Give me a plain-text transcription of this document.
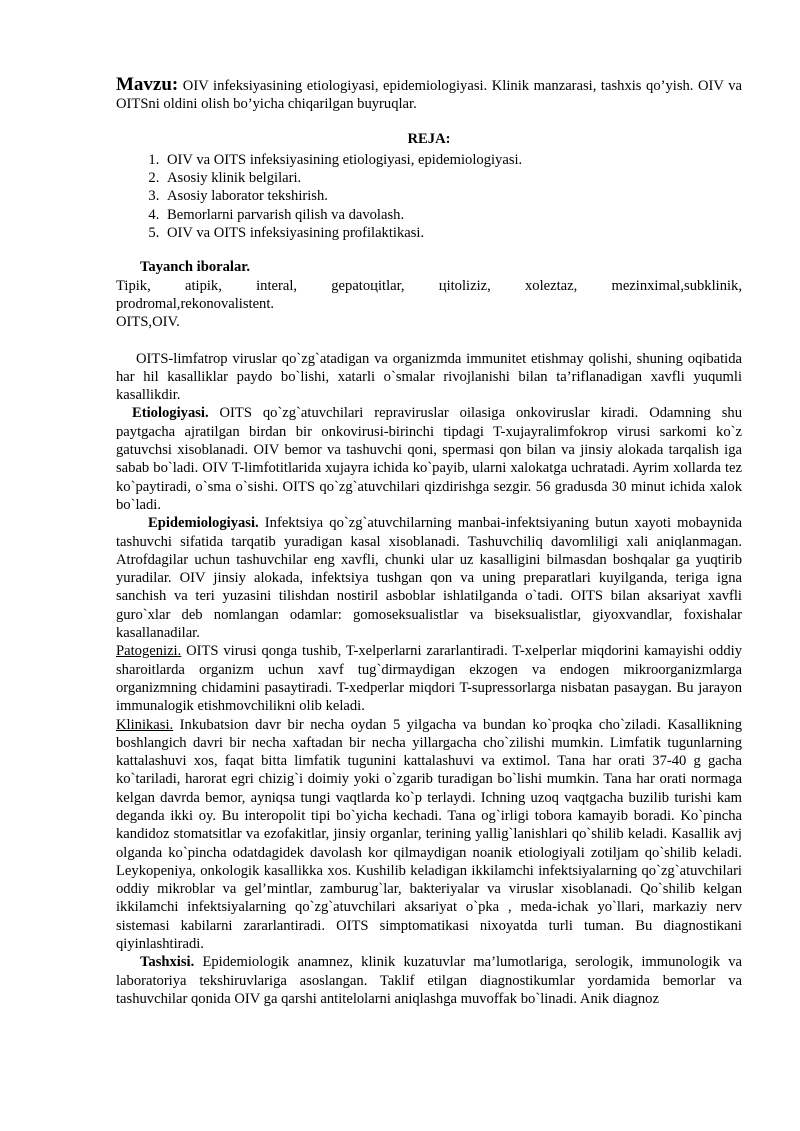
Mavzu: OIV infeksiyasining etiologiyasi, epidemiologiyasi. Klinik manzarasi, tashxis qo’yish. OIV va OITSni oldini olish bo’yicha chiqarilgan buyruqlar.

REJA:
1. OIV va OITS infeksiyasining etiologiyasi, epidemiologiyasi.
2. Asosiy klinik belgilari.
3. Asosiy laborator tekshirish.
4. Bemorlarni parvarish qilish va davolash.
5. OIV va OITS infeksiyasining profilaktikasi.
Tayanch iboralar.

Tipik, atipik, interal, gepatoцitlar, цitoliziz, xoleztaz, mezinximal,subklinik,

prodromal,rekonovalistent.

OITS,OIV.

OITS-limfatrop viruslar qo`zg`atadigan va organizmda immunitet etishmay qolishi, shuning oqibatida har hil kasalliklar paydo bo`lishi, xatarli o`smalar rivojlanishi bilan ta’riflanadigan xavfli yuqumli kasallikdir.

Etiologiyasi. OITS qo`zg`atuvchilari repraviruslar oilasiga onkoviruslar kiradi. Odamning shu paytgacha ajratilgan birdan bir onkovirusi-birinchi tipdagi T-xujayralimfokrop virusi sarkomi ko`z gatuvchsi xisoblanadi. OIV bemor va tashuvchi qoni, spermasi qon bilan va jinsiy alokada tarqalish iga sabab bo`ladi. OIV T-limfotitlarida xujayra ichida ko`payib, ularni xalokatga uchratadi. Ayrim xollarda tez ko`paytiradi, o`sma o`sishi. OITS qo`zg`atuvchilari qizdirishga sezgir. 56 gradusda 30 minut ichida xalok bo`ladi.

Epidemiologiyasi. Infektsiya qo`zg`atuvchilarning manbai-infektsiyaning butun xayoti mobaynida tashuvchi sifatida tarqatib yuradigan kasal xisoblanadi. Tashuvchiliq davomliligi xali aniqlanmagan. Atrofdagilar uchun tashuvchilar eng xavfli, chunki ular uz kasalligini bilmasdan boshqalar ga yuqtirib yuradilar. OIV jinsiy alokada, infektsiya tushgan qon va uning preparatlari kuyilganda, teriga igna sanchish va teri yuzasini tilishdan nostiril asboblar ishlatilganda o`tadi. OITS bilan aksariyat xavfli guro`xlar deb nomlangan odamlar: gomoseksualistlar va biseksualistlar, giyoxvandlar, foxishalar kasallanadilar.

Patogenizi. OITS virusi qonga tushib, T-xelperlarni zararlantiradi. T-xelperlar miqdorini kamayishi oddiy sharoitlarda organizm uchun xavf tug`dirmaydigan ekzogen va endogen mikroorganizmlarga organizmning chidamini pasaytiradi. T-xedperlar miqdori T-supressorlarga nisbatan pasaygan. Bu jarayon immunalogik etishmovchilikni olib keladi.

Klinikasi. Inkubatsion davr bir necha oydan 5 yilgacha va bundan ko`proqka cho`ziladi. Kasallikning boshlangich davri bir necha xaftadan bir necha yillargacha cho`zilishi mumkin. Limfatik tugunlarning kattalashuvi xos, faqat bitta limfatik tugunini kattalashuvi va extimol. Tana har orati 37-40 g gacha ko`tariladi, harorat egri chizig`i doimiy yoki o`zgarib turadigan bo`lishi mumkin. Tana har orati normaga kelgan davrda bemor, ayniqsa tungi vaqtlarda ko`p terlaydi. Ichning uzoq vaqtgacha buzilib turishi kam deganda ikki oy. Bu interopolit tipi bo`yicha kechadi. Tana og`irligi tobora kamayib boradi. Ko`pincha kandidoz stomatsitlar va ezofakitlar, jinsiy organlar, terining yallig`lanishlari qo`shilib keladi. Kasallik avj olganda ko`pincha odatdagidek davolash kor qilmaydigan noanik etiologiyali zotiljam qo`shilib keladi. Leykopeniya, onkologik kasallikka xos. Kushilib keladigan ikkilamchi infektsiyalarning qo`zg`atuvchilari oddiy mikroblar va gel’mintlar, zamburug`lar, bakteriyalar va viruslar xisoblanadi. Qo`shilib kelgan ikkilamchi infektsiyalarning qo`zg`atuvchilari aksariyat o`pka , meda-ichak yo`llari, markaziy nerv sistemasi kabilarni zararlantiradi. OITS simptomatikasi nixoyatda turli tuman. Bu diagnostikani qiyinlashtiradi.

Tashxisi. Epidemiologik anamnez, klinik kuzatuvlar ma’lumotlariga, serologik, immunologik va laboratoriya tekshiruvlariga asoslangan. Taklif etilgan diagnostikumlar yordamida bemorlar va tashuvchilar qonida OIV ga qarshi antitelolarni aniqlashga muvoffak bo`linadi. Anik diagnoz
